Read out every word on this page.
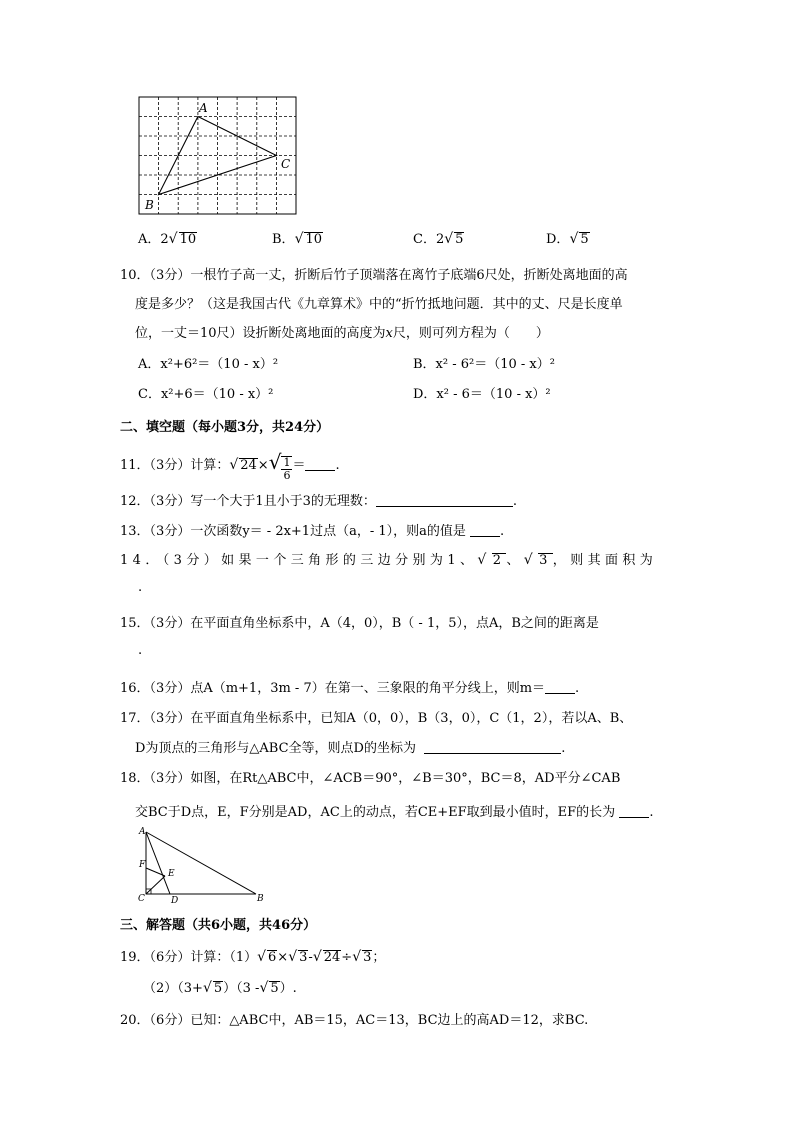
A
C
B
A．2√ 10	B．√ 10	C．2√ 5	D．√ 5
10．（3分）一根竹子高一丈，折断后竹子顶端落在离竹子底端6尺处，折断处离地面的高
度是多少？（这是我国古代《九章算术》中的“折竹抵地问题．其中的丈、尺是长度单
位，一丈＝10尺）设折断处离地面的高度为x尺，则可列方程为（　　）
A．x²+6²＝（10 - x）²	B．x² - 6²＝（10 - x）²
C．x²+6＝（10 - x）²	D．x² - 6＝（10 - x）²
二、填空题（每小题3分，共24分）
11．（3分）计算：√ $24\times√ \frac{1}{6}$ ＝ .
12．（3分）写一个大于1且小于3的无理数：	.
13．（3分）一次函数y＝ - 2x+1过点（a，- 1），则a的值是	.
14．（3分）如果一个三角形的三边分别为1、√ 2、√ 3，则其面积为
.
15．（3分）在平面直角坐标系中，A（4，0），B（ - 1，5），点A，B之间的距离是
.
16．（3分）点A（m+1，3m - 7）在第一、三象限的角平分线上，则m＝ .
17．（3分）在平面直角坐标系中，已知A（0，0），B（3，0），C（1，2），若以A、B、
D为顶点的三角形与△ABC全等，则点D的坐标为	.
18．（3分）如图，在Rt△ABC中，∠ACB＝90°，∠B＝30°，BC＝8，AD平分∠CAB
交BC于D点，E，F分别是AD，AC上的动点，若CE+EF取到最小值时，EF的长为	.
A
F
E
C	D	B
三、解答题（共6小题，共46分）
19．（6分）计算：（1）√ 6×√ 3-√ 24÷√ 3；
（2）（3+√ 5）（3 -√ 5）.
20．（6分）已知：△ABC中，AB＝15，AC＝13，BC边上的高AD＝12，求BC.
